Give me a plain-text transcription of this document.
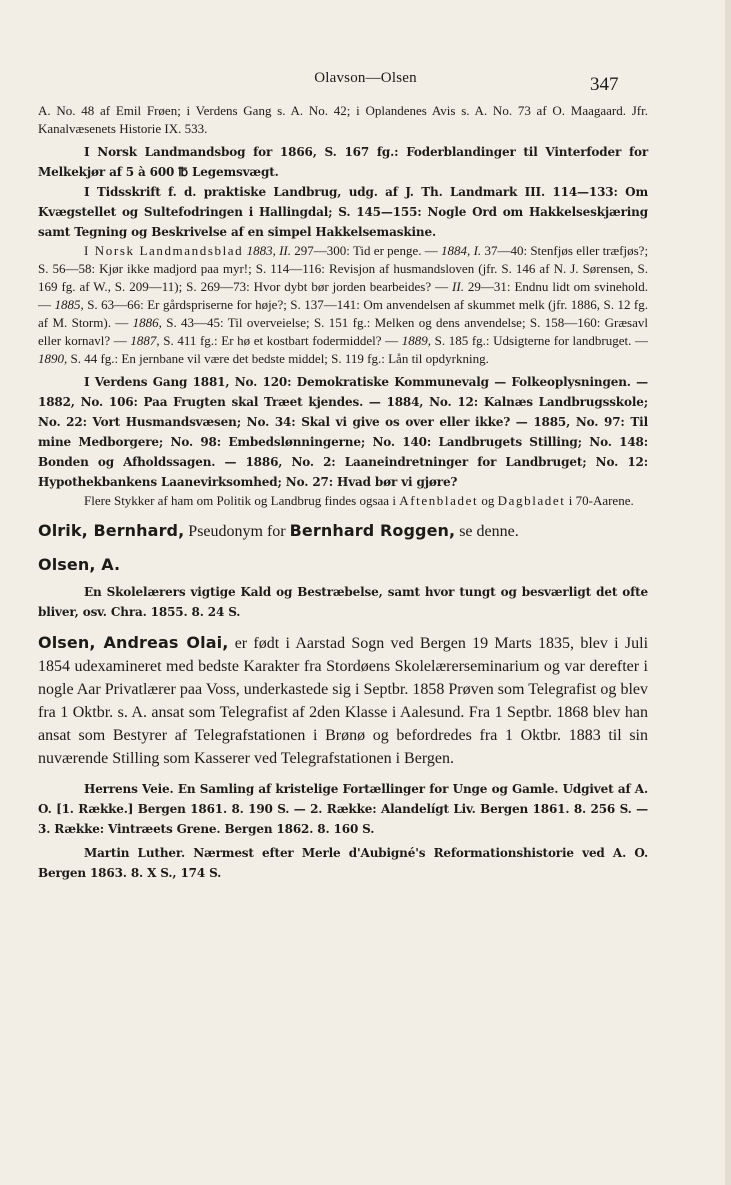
Olavson—Olsen	347

A. No. 48 af Emil Frøen; i Verdens Gang s. A. No. 42; i Oplandenes Avis s. A. No. 73 af O. Maagaard. Jfr. Kanalvæsenets Historie IX. 533.

I Norsk Landmandsbog for 1866, S. 167 fg.: Foderblandinger til Vinterfoder for Melkekjør af 5 à 600 ℔ Legemsvægt.

I Tidsskrift f. d. praktiske Landbrug, udg. af J. Th. Landmark III. 114—133: Om Kvægstellet og Sultefodringen i Hallingdal; S. 145—155: Nogle Ord om Hakkelseskjæring samt Tegning og Beskrivelse af en simpel Hakkelsemaskine.

I Norsk Landmandsblad 1883, II. 297—300: Tid er penge. — 1884, I. 37—40: Stenfjøs eller træfjøs?; S. 56—58: Kjør ikke madjord paa myr!; S. 114—116: Revisjon af husmandsloven (jfr. S. 146 af N. J. Sørensen, S. 169 fg. af W., S. 209—11); S. 269—73: Hvor dybt bør jorden bearbeides? — II. 29—31: Endnu lidt om svinehold. — 1885, S. 63—66: Er gårdspriserne for høje?; S. 137—141: Om anvendelsen af skummet melk (jfr. 1886, S. 12 fg. af M. Storm). — 1886, S. 43—45: Til overveielse; S. 151 fg.: Melken og dens anvendelse; S. 158—160: Græsavl eller kornavl? — 1887, S. 411 fg.: Er hø et kostbart fodermiddel? — 1889, S. 185 fg.: Udsigterne for landbruget. — 1890, S. 44 fg.: En jernbane vil være det bedste middel; S. 119 fg.: Lån til opdyrkning.

I Verdens Gang 1881, No. 120: Demokratiske Kommunevalg — Folkeoplysningen. — 1882, No. 106: Paa Frugten skal Træet kjendes. — 1884, No. 12: Kalnæs Landbrugsskole; No. 22: Vort Husmandsvæsen; No. 34: Skal vi give os over eller ikke? — 1885, No. 97: Til mine Medborgere; No. 98: Embedslønningerne; No. 140: Landbrugets Stilling; No. 148: Bonden og Afholdssagen. — 1886, No. 2: Laaneindretninger for Landbruget; No. 12: Hypothekbankens Laanevirksomhed; No. 27: Hvad bør vi gjøre?

Flere Stykker af ham om Politik og Landbrug findes ogsaa i Aftenbladet og Dagbladet i 70-Aarene.

Olrik, Bernhard, Pseudonym for Bernhard Roggen, se denne.

Olsen, A.

En Skolelærers vigtige Kald og Bestræbelse, samt hvor tungt og besværligt det ofte bliver, osv. Chra. 1855. 8. 24 S.

Olsen, Andreas Olai, er født i Aarstad Sogn ved Bergen 19 Marts 1835, blev i Juli 1854 udexamineret med bedste Karakter fra Stordøens Skolelærerseminarium og var derefter i nogle Aar Privatlærer paa Voss, underkastede sig i Septbr. 1858 Prøven som Telegrafist og blev fra 1 Oktbr. s. A. ansat som Telegrafist af 2den Klasse i Aalesund. Fra 1 Septbr. 1868 blev han ansat som Bestyrer af Telegrafstationen i Brønø og befordredes fra 1 Oktbr. 1883 til sin nuværende Stilling som Kasserer ved Telegrafstationen i Bergen.

Herrens Veie. En Samling af kristelige Fortællinger for Unge og Gamle. Udgivet af A. O. [1. Række.] Bergen 1861. 8. 190 S. — 2. Række: Alandelígt Liv. Bergen 1861. 8. 256 S. — 3. Række: Vintræets Grene. Bergen 1862. 8. 160 S.

Martin Luther. Nærmest efter Merle d'Aubigné's Reformationshistorie ved A. O. Bergen 1863. 8. X S., 174 S.
